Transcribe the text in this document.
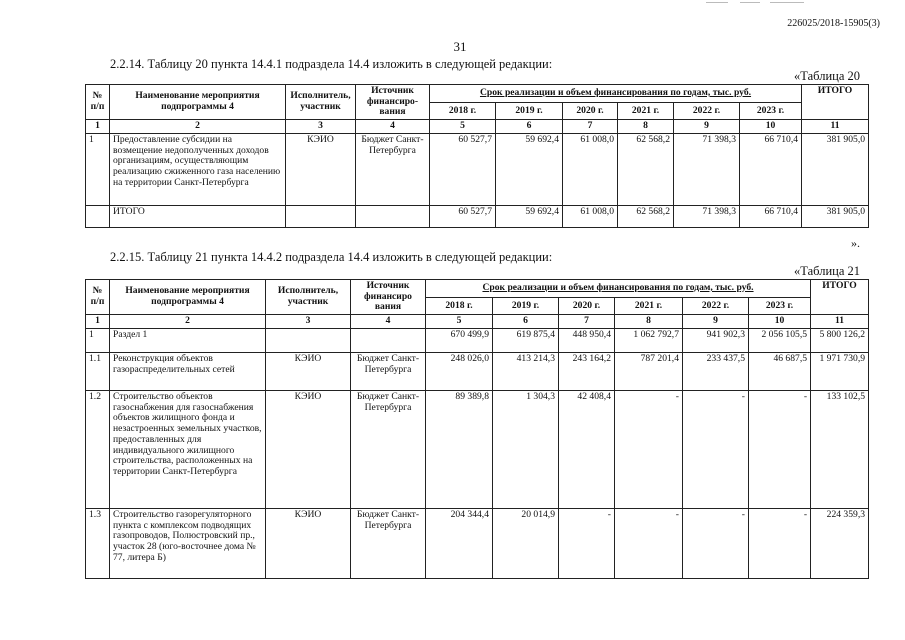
226025/2018-15905(3)
31
2.2.14. Таблицу 20 пункта 14.4.1 подраздела 14.4 изложить в следующей редакции:
«Таблица 20
№ п/п	Наименование мероприятия подпрограммы 4	Исполнитель, участник	Источник финансиро-вания	Срок реализации и объем финансирования по годам, тыс. руб.						ИТОГО
				2018 г.	2019 г.	2020 г.	2021 г.	2022 г.	2023 г.	
1	2	3	4	5	6	7	8	9	10	11
1	Предоставление субсидии на возмещение недополученных доходов организациям, осуществляющим реализацию сжиженного газа населению на территории Санкт-Петербурга	КЭИО	Бюджет Санкт-Петербурга	60 527,7	59 692,4	61 008,0	62 568,2	71 398,3	66 710,4	381 905,0
	ИТОГО			60 527,7	59 692,4	61 008,0	62 568,2	71 398,3	66 710,4	381 905,0
».
2.2.15. Таблицу 21 пункта 14.4.2 подраздела 14.4 изложить в следующей редакции:
«Таблица 21
№ п/п	Наименование мероприятия подпрограммы 4	Исполнитель, участник	Источник финансиро вания	Срок реализации и объем финансирования по годам, тыс. руб.						ИТОГО
				2018 г.	2019 г.	2020 г.	2021 г.	2022 г.	2023 г.	
1	2	3	4	5	6	7	8	9	10	11
1	Раздел 1			670 499,9	619 875,4	448 950,4	1 062 792,7	941 902,3	2 056 105,5	5 800 126,2
1.1	Реконструкция объектов газораспределительных сетей	КЭИО	Бюджет Санкт-Петербурга	248 026,0	413 214,3	243 164,2	787 201,4	233 437,5	46 687,5	1 971 730,9
1.2	Строительство объектов газоснабжения для газоснабжения объектов жилищного фонда и незастроенных земельных участков, предоставленных для индивидуального жилищного строительства, расположенных на территории Санкт-Петербурга	КЭИО	Бюджет Санкт-Петербурга	89 389,8	1 304,3	42 408,4	-	-	-	133 102,5
1.3	Строительство газорегуляторного пункта с комплексом подводящих газопроводов, Полюстровский пр., участок 28 (юго-восточнее дома № 77, литера Б)	КЭИО	Бюджет Санкт-Петербурга	204 344,4	20 014,9	-	-	-	-	224 359,3
